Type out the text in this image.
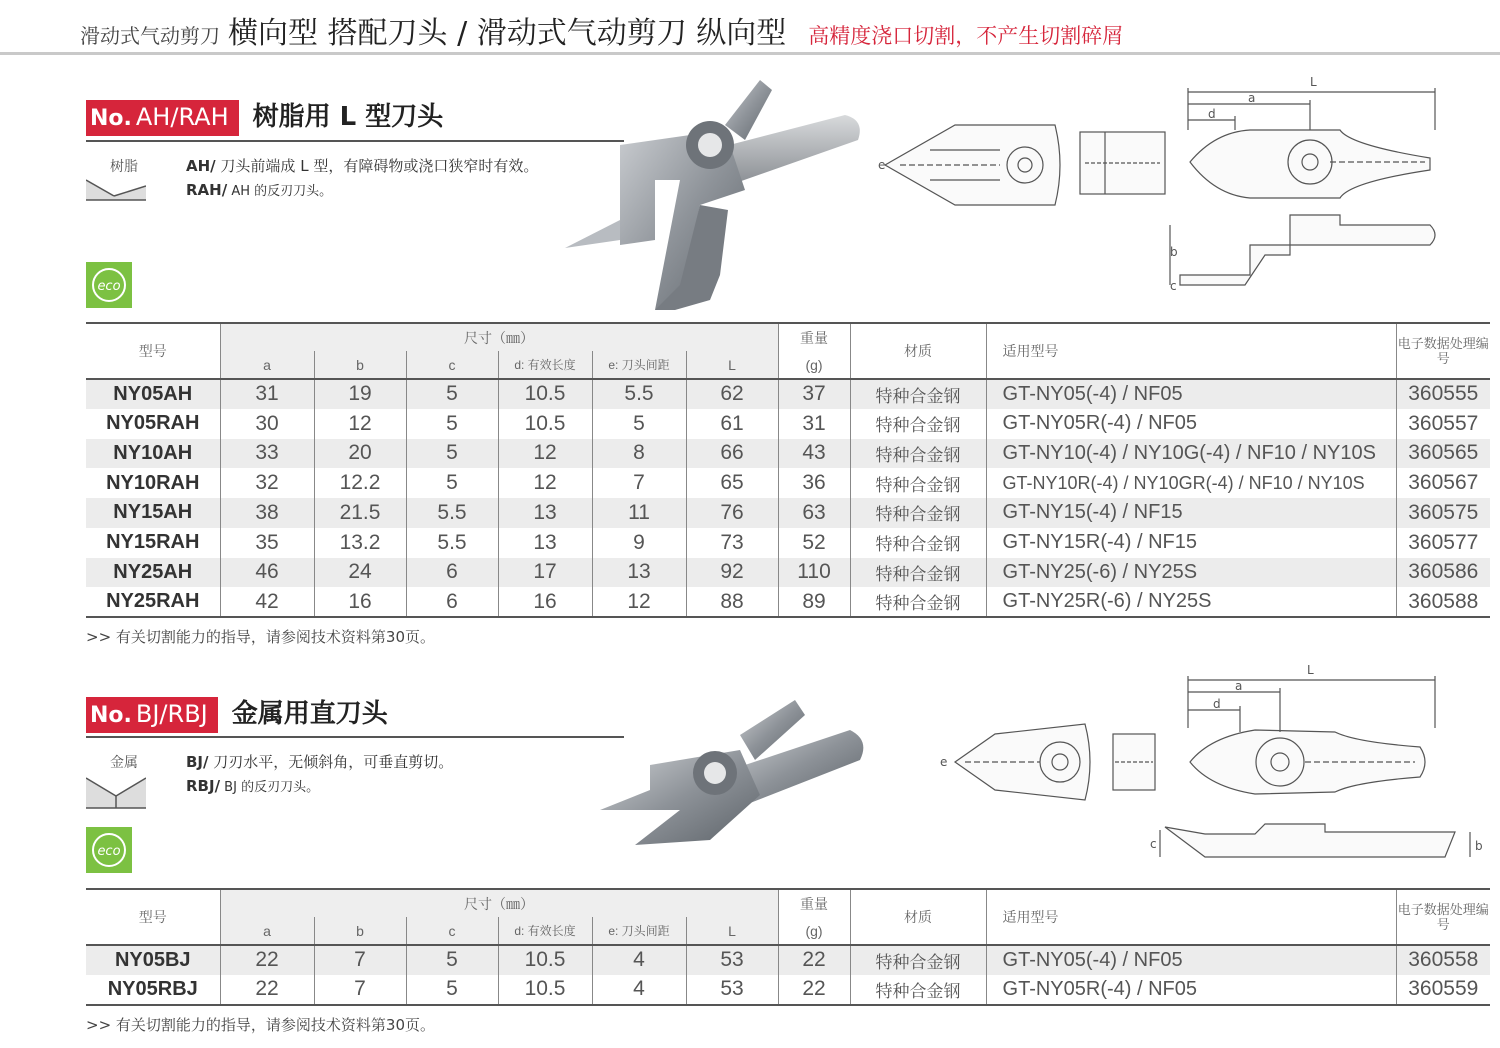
滑动式气动剪刀 横向型 搭配刀头 / 滑动式气动剪刀 纵向型 高精度浇口切割，不产生切割碎屑
No. AH/RAH 树脂用 L 型刀头
树脂	AH/ 刀头前端成 L 型，有障碍物或浇口狭窄时有效。
RAH/ AH 的反刃刀头。
eco
L
a
d
e
b
c
型号	尺寸（㎜）						重量	材质	适用型号	电子数据处理编号
	a	b	c	d: 有效长度	e: 刀头间距	L	(g)			
NY05AH	31	19	5	10.5	5.5	62	37	特种合金钢	GT-NY05(-4) / NF05	360555
NY05RAH	30	12	5	10.5	5	61	31	特种合金钢	GT-NY05R(-4) / NF05	360557
NY10AH	33	20	5	12	8	66	43	特种合金钢	GT-NY10(-4) / NY10G(-4) / NF10 / NY10S	360565
NY10RAH	32	12.2	5	12	7	65	36	特种合金钢	GT-NY10R(-4) / NY10GR(-4) / NF10 / NY10S	360567
NY15AH	38	21.5	5.5	13	11	76	63	特种合金钢	GT-NY15(-4) / NF15	360575
NY15RAH	35	13.2	5.5	13	9	73	52	特种合金钢	GT-NY15R(-4) / NF15	360577
NY25AH	46	24	6	17	13	92	110	特种合金钢	GT-NY25(-6) / NY25S	360586
NY25RAH	42	16	6	16	12	88	89	特种合金钢	GT-NY25R(-6) / NY25S	360588
>> 有关切割能力的指导，请参阅技术资料第30页。
No. BJ/RBJ 金属用直刀头
金属	BJ/ 刀刃水平，无倾斜角，可垂直剪切。
RBJ/ BJ 的反刃刀头。
eco
L
a
d
e
c	b
型号	尺寸（㎜）						重量	材质	适用型号	电子数据处理编号
	a	b	c	d: 有效长度	e: 刀头间距	L	(g)			
NY05BJ	22	7	5	10.5	4	53	22	特种合金钢	GT-NY05(-4) / NF05	360558
NY05RBJ	22	7	5	10.5	4	53	22	特种合金钢	GT-NY05R(-4) / NF05	360559
>> 有关切割能力的指导，请参阅技术资料第30页。
